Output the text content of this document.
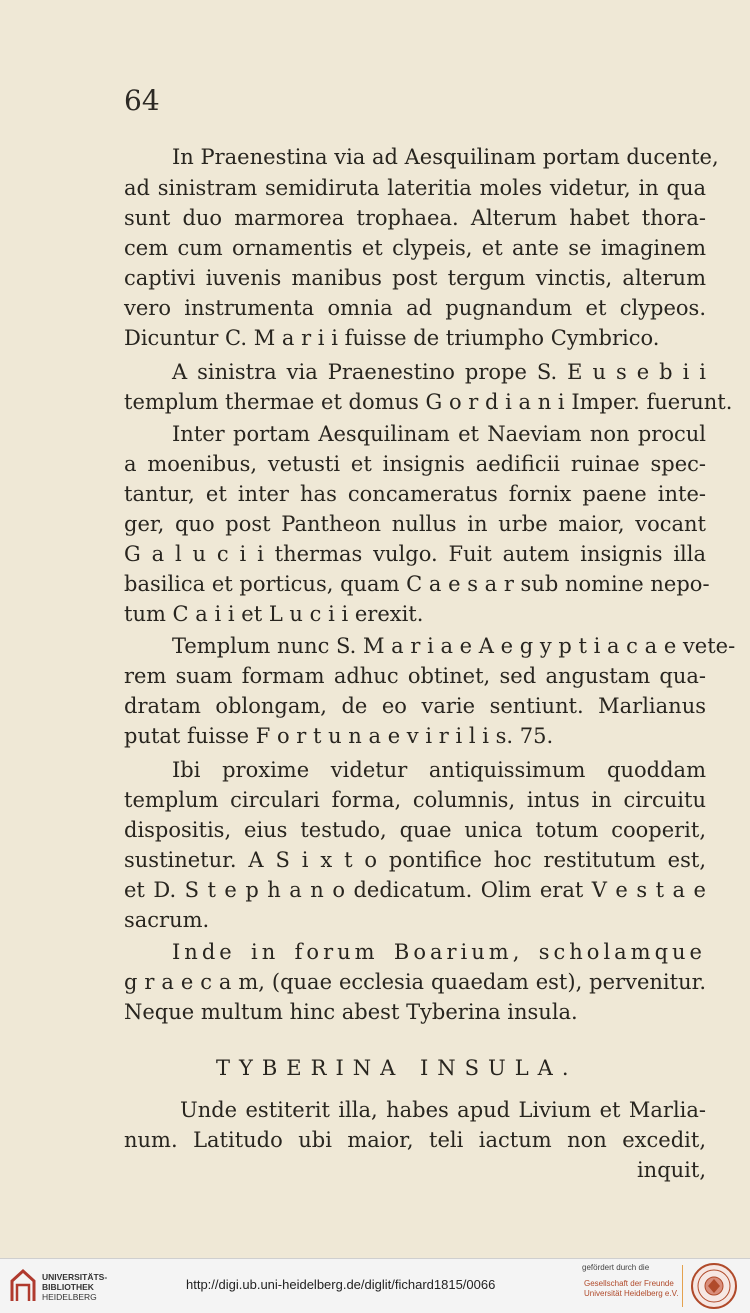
64
In Praenestina via ad Aesquilinam portam ducente,
ad sinistram semidiruta lateritia moles videtur, in qua
sunt duo marmorea trophaea. Alterum habet thora-
cem cum ornamentis et clypeis, et ante se imaginem
captivi iuvenis manibus post tergum vinctis, alterum
vero instrumenta omnia ad pugnandum et clypeos.
Dicuntur C. M a r i i fuisse de triumpho Cymbrico.
A sinistra via Praenestino prope S. E u s e b i i
templum thermae et domus G o r d i a n i Imper. fuerunt.
Inter portam Aesquilinam et Naeviam non procul
a moenibus, vetusti et insignis aedificii ruinae spec-
tantur, et inter has concameratus fornix paene inte-
ger, quo post Pantheon nullus in urbe maior, vocant
G a l u c i i thermas vulgo. Fuit autem insignis illa
basilica et porticus, quam C a e s a r sub nomine nepo-
tum C a i i et L u c i i erexit.
Templum nunc S. M a r i a e A e g y p t i a c a e vete-
rem suam formam adhuc obtinet, sed angustam qua-
dratam oblongam, de eo varie sentiunt. Marlianus
putat fuisse F o r t u n a e v i r i l i s. 75.
Ibi proxime videtur antiquissimum quoddam
templum circulari forma, columnis, intus in circuitu
dispositis, eius testudo, quae unica totum cooperit,
sustinetur. A S i x t o pontifice hoc restitutum est,
et D. S t e p h a n o dedicatum. Olim erat V e s t a e
sacrum.
Inde in forum Boarium, scholamque
g r a e c a m, (quae ecclesia quaedam est), pervenitur.
Neque multum hinc abest Tyberina insula.
TYBERINA INSULA.
Unde estiterit illa, habes apud Livium et Marlia-
num. Latitudo ubi maior, teli iactum non excedit,
inquit,
UNIVERSITÄTS-
BIBLIOTHEK
HEIDELBERG
http://digi.ub.uni-heidelberg.de/diglit/fichard1815/0066
gefördert durch die
Gesellschaft der Freunde
Universität Heidelberg e.V.
